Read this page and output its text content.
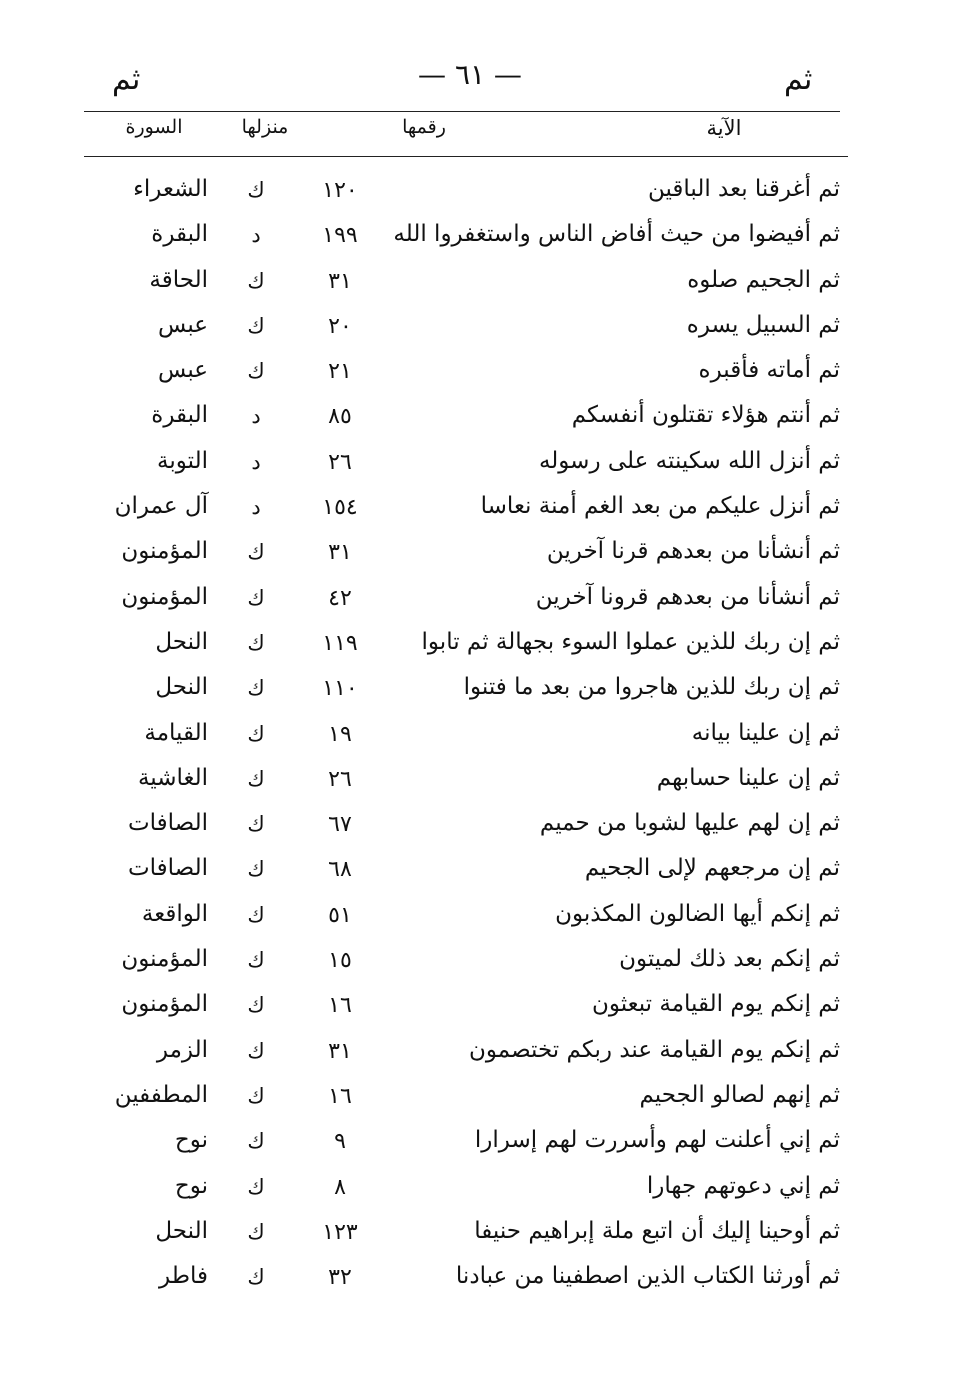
ثم
— ٦١ —
ثم
الآية
رقمها
منزلها
السورة
ثم أغرقنا بعد الباقين
١٢٠
ك
الشعراء
ثم أفيضوا من حيث أفاض الناس واستغفروا الله
١٩٩
د
البقرة
ثم الجحيم صلوه
٣١
ك
الحاقة
ثم السبيل يسره
٢٠
ك
عبس
ثم أماته فأقبره
٢١
ك
عبس
ثم أنتم هؤلاء تقتلون أنفسكم
٨٥
د
البقرة
ثم أنزل الله سكينته على رسوله
٢٦
د
التوبة
ثم أنزل عليكم من بعد الغم أمنة نعاسا
١٥٤
د
آل عمران
ثم أنشأنا من بعدهم قرنا آخرين
٣١
ك
المؤمنون
ثم أنشأنا من بعدهم قرونا آخرين
٤٢
ك
المؤمنون
ثم إن ربك للذين عملوا السوء بجهالة ثم تابوا
١١٩
ك
النحل
ثم إن ربك للذين هاجروا من بعد ما فتنوا
١١٠
ك
النحل
ثم إن علينا بيانه
١٩
ك
القيامة
ثم إن علينا حسابهم
٢٦
ك
الغاشية
ثم إن لهم عليها لشوبا من حميم
٦٧
ك
الصافات
ثم إن مرجعهم لإلى الجحيم
٦٨
ك
الصافات
ثم إنكم أيها الضالون المكذبون
٥١
ك
الواقعة
ثم إنكم بعد ذلك لميتون
١٥
ك
المؤمنون
ثم إنكم يوم القيامة تبعثون
١٦
ك
المؤمنون
ثم إنكم يوم القيامة عند ربكم تختصمون
٣١
ك
الزمر
ثم إنهم لصالو الجحيم
١٦
ك
المطففين
ثم إني أعلنت لهم وأسررت لهم إسرارا
٩
ك
نوح
ثم إني دعوتهم جهارا
٨
ك
نوح
ثم أوحينا إليك أن اتبع ملة إبراهيم حنيفا
١٢٣
ك
النحل
ثم أورثنا الكتاب الذين اصطفينا من عبادنا
٣٢
ك
فاطر
